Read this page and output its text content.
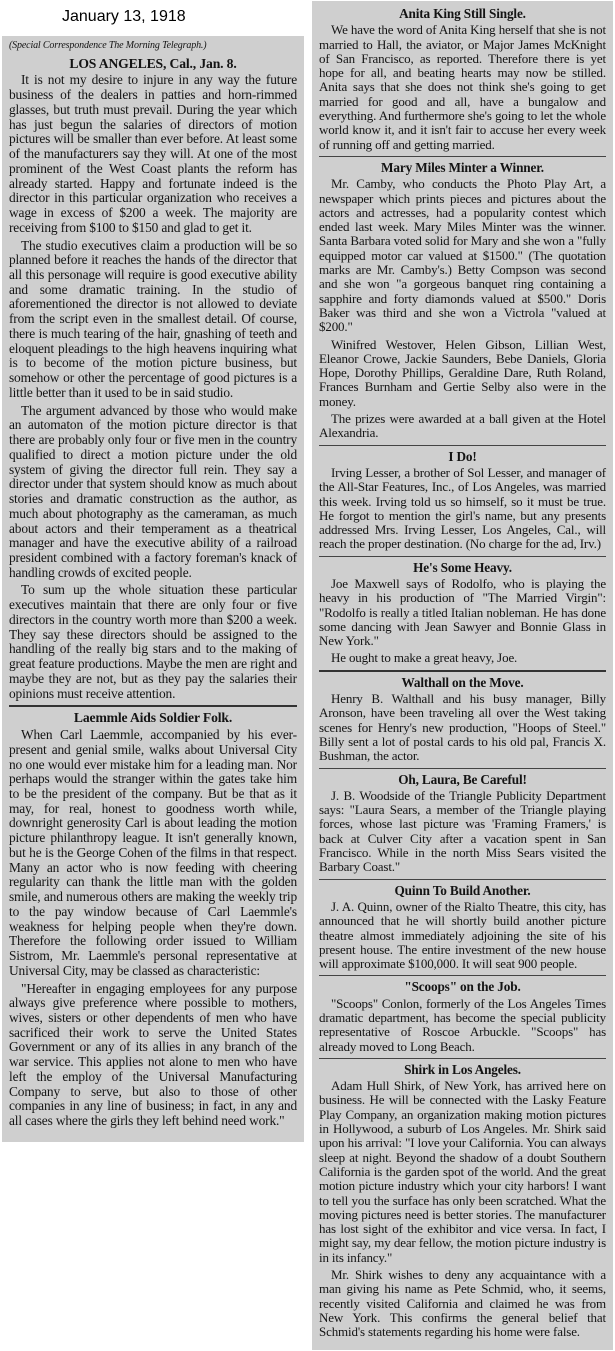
January 13, 1918
(Special Correspondence The Morning Telegraph.)
LOS ANGELES, Cal., Jan. 8.

It is not my desire to injure in any way the future business of the dealers in patties and horn-rimmed glasses, but truth must prevail. During the year which has just begun the salaries of directors of motion pictures will be smaller than ever before. At least some of the manufacturers say they will. At one of the most prominent of the West Coast plants the reform has already started. Happy and fortunate indeed is the director in this particular organization who receives a wage in excess of $200 a week. The majority are receiving from $100 to $150 and glad to get it.

The studio executives claim a production will be so planned before it reaches the hands of the director that all this personage will require is good executive ability and some dramatic training. In the studio of aforementioned the director is not allowed to deviate from the script even in the smallest detail. Of course, there is much tearing of the hair, gnashing of teeth and eloquent pleadings to the high heavens inquiring what is to become of the motion picture business, but somehow or other the percentage of good pictures is a little better than it used to be in said studio.

The argument advanced by those who would make an automaton of the motion picture director is that there are probably only four or five men in the country qualified to direct a motion picture under the old system of giving the director full rein. They say a director under that system should know as much about stories and dramatic construction as the author, as much about photography as the cameraman, as much about actors and their temperament as a theatrical manager and have the executive ability of a railroad president combined with a factory foreman's knack of handling crowds of excited people.

To sum up the whole situation these particular executives maintain that there are only four or five directors in the country worth more than $200 a week. They say these directors should be assigned to the handling of the really big stars and to the making of great feature productions. Maybe the men are right and maybe they are not, but as they pay the salaries their opinions must receive attention.

Laemmle Aids Soldier Folk.

When Carl Laemmle, accompanied by his ever-present and genial smile, walks about Universal City no one would ever mistake him for a leading man. Nor perhaps would the stranger within the gates take him to be the president of the company. But be that as it may, for real, honest to goodness worth while, downright generosity Carl is about leading the motion picture philanthropy league. It isn't generally known, but he is the George Cohen of the films in that respect. Many an actor who is now feeding with cheering regularity can thank the little man with the golden smile, and numerous others are making the weekly trip to the pay window because of Carl Laemmle's weakness for helping people when they're down. Therefore the following order issued to William Sistrom, Mr. Laemmle's personal representative at Universal City, may be classed as characteristic:

"Hereafter in engaging employees for any purpose always give preference where possible to mothers, wives, sisters or other dependents of men who have sacrificed their work to serve the United States Government or any of its allies in any branch of the war service. This applies not alone to men who have left the employ of the Universal Manufacturing Company to serve, but also to those of other companies in any line of business; in fact, in any and all cases where the girls they left behind need work."

Anita King Still Single.

We have the word of Anita King herself that she is not married to Hall, the aviator, or Major James McKnight of San Francisco, as reported. Therefore there is yet hope for all, and beating hearts may now be stilled. Anita says that she does not think she's going to get married for good and all, have a bungalow and everything. And furthermore she's going to let the whole world know it, and it isn't fair to accuse her every week of running off and getting married.

Mary Miles Minter a Winner.

Mr. Camby, who conducts the Photo Play Art, a newspaper which prints pieces and pictures about the actors and actresses, had a popularity contest which ended last week. Mary Miles Minter was the winner. Santa Barbara voted solid for Mary and she won a "fully equipped motor car valued at $1500." (The quotation marks are Mr. Camby's.) Betty Compson was second and she won "a gorgeous banquet ring containing a sapphire and forty diamonds valued at $500." Doris Baker was third and she won a Victrola "valued at $200."

Winifred Westover, Helen Gibson, Lillian West, Eleanor Crowe, Jackie Saunders, Bebe Daniels, Gloria Hope, Dorothy Phillips, Geraldine Dare, Ruth Roland, Frances Burnham and Gertie Selby also were in the money.

The prizes were awarded at a ball given at the Hotel Alexandria.

I Do!

Irving Lesser, a brother of Sol Lesser, and manager of the All-Star Features, Inc., of Los Angeles, was married this week. Irving told us so himself, so it must be true. He forgot to mention the girl's name, but any presents addressed Mrs. Irving Lesser, Los Angeles, Cal., will reach the proper destination. (No charge for the ad, Irv.)

He's Some Heavy.

Joe Maxwell says of Rodolfo, who is playing the heavy in his production of "The Married Virgin": "Rodolfo is really a titled Italian nobleman. He has done some dancing with Jean Sawyer and Bonnie Glass in New York."

He ought to make a great heavy, Joe.

Walthall on the Move.

Henry B. Walthall and his busy manager, Billy Aronson, have been traveling all over the West taking scenes for Henry's new production, "Hoops of Steel." Billy sent a lot of postal cards to his old pal, Francis X. Bushman, the actor.

Oh, Laura, Be Careful!

J. B. Woodside of the Triangle Publicity Department says: "Laura Sears, a member of the Triangle playing forces, whose last picture was 'Framing Framers,' is back at Culver City after a vacation spent in San Francisco. While in the north Miss Sears visited the Barbary Coast."

Quinn To Build Another.

J. A. Quinn, owner of the Rialto Theatre, this city, has announced that he will shortly build another picture theatre almost immediately adjoining the site of his present house. The entire investment of the new house will approximate $100,000. It will seat 900 people.

"Scoops" on the Job.

"Scoops" Conlon, formerly of the Los Angeles Times dramatic department, has become the special publicity representative of Roscoe Arbuckle. "Scoops" has already moved to Long Beach.

Shirk in Los Angeles.

Adam Hull Shirk, of New York, has arrived here on business. He will be connected with the Lasky Feature Play Company, an organization making motion pictures in Hollywood, a suburb of Los Angeles. Mr. Shirk said upon his arrival: "I love your California. You can always sleep at night. Beyond the shadow of a doubt Southern California is the garden spot of the world. And the great motion picture industry which your city harbors! I want to tell you the surface has only been scratched. What the moving pictures need is better stories. The manufacturer has lost sight of the exhibitor and vice versa. In fact, I might say, my dear fellow, the motion picture industry is in its infancy."

Mr. Shirk wishes to deny any acquaintance with a man giving his name as Pete Schmid, who, it seems, recently visited California and claimed he was from New York. This confirms the general belief that Schmid's statements regarding his home were false.
